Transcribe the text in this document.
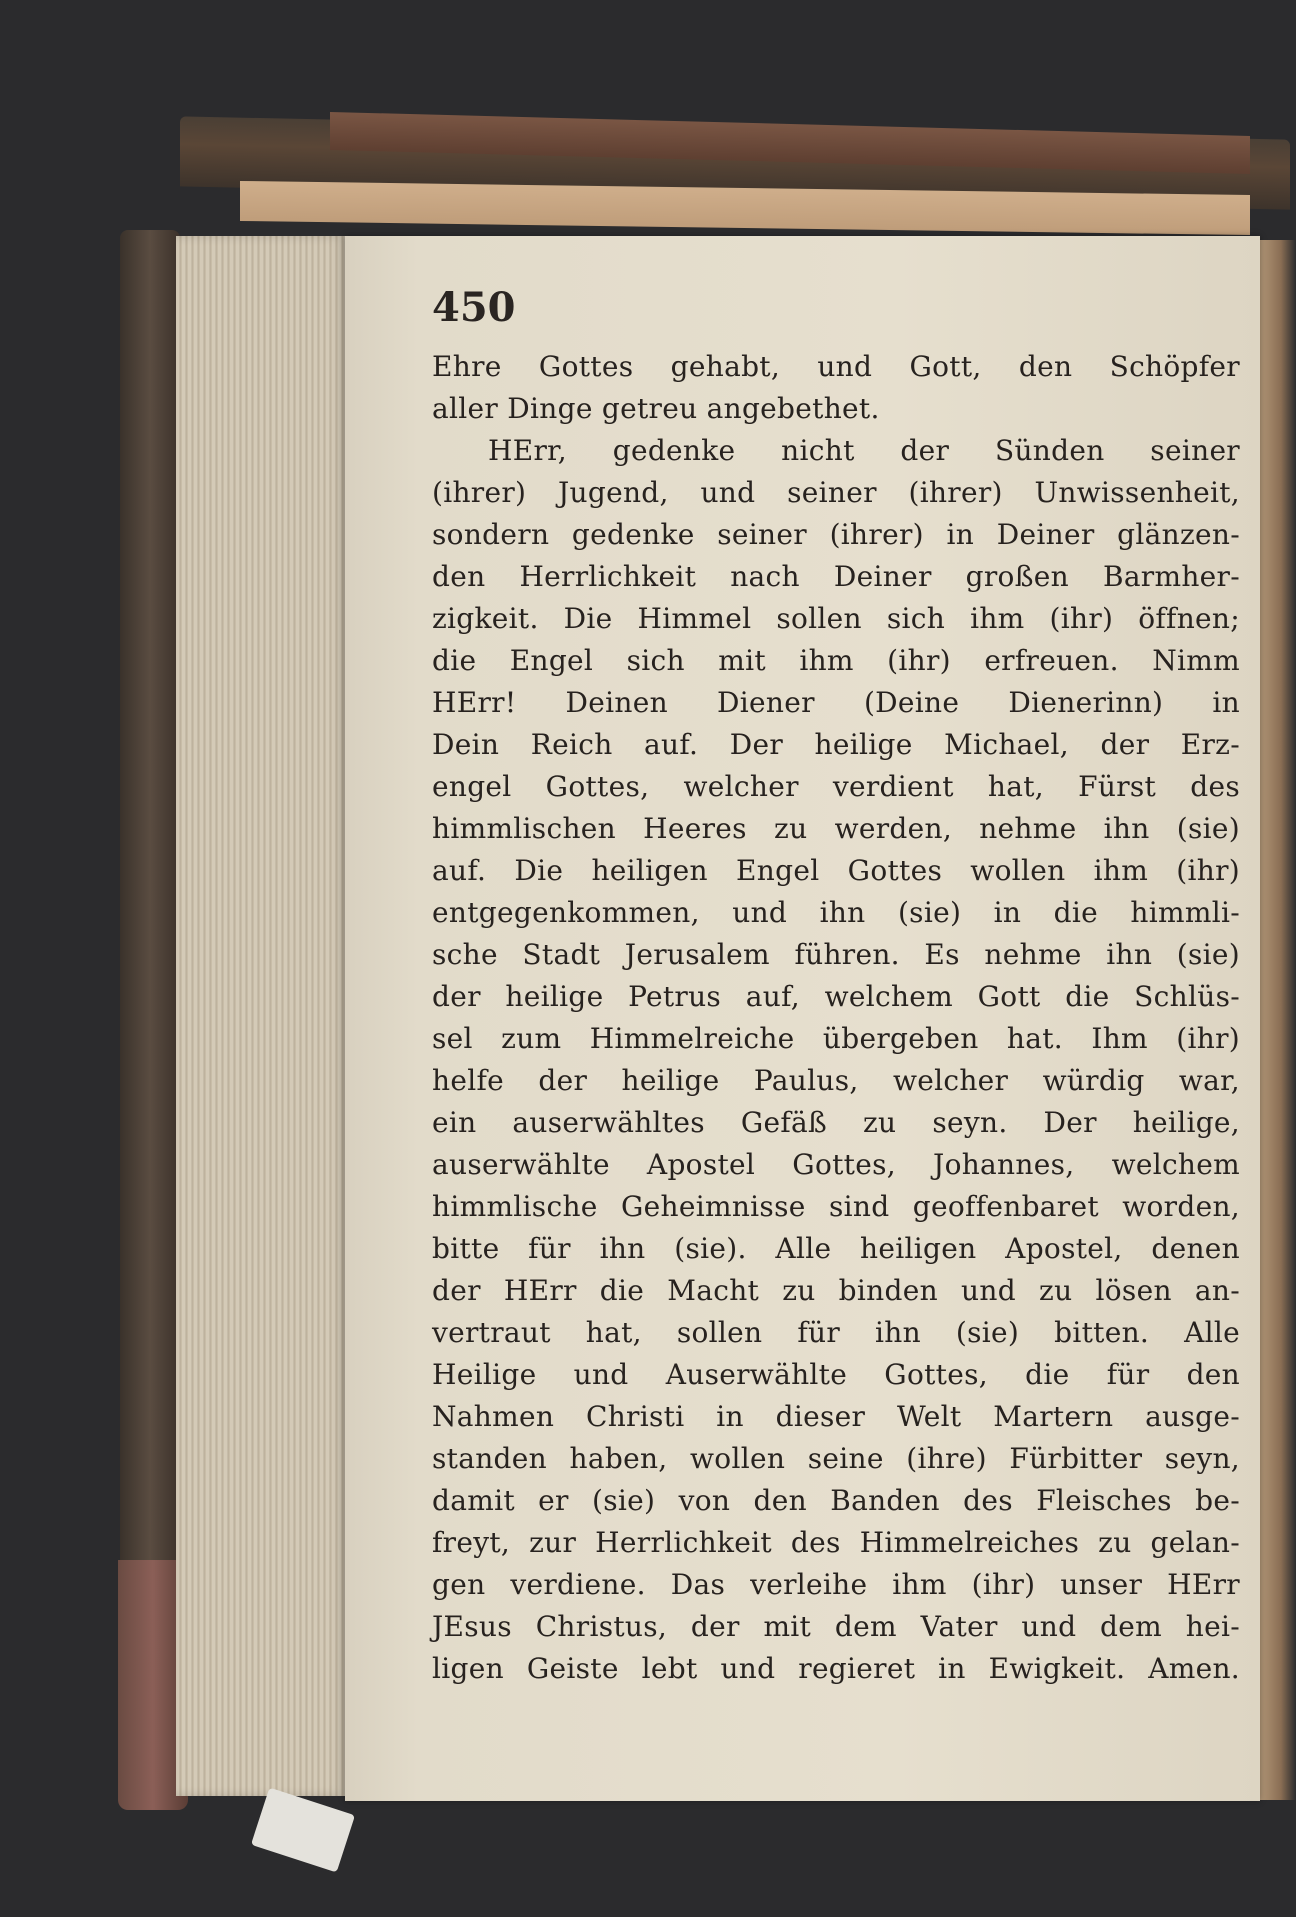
450

Ehre Gottes gehabt, und Gott, den Schöpfer
aller Dinge getreu angebethet.
HErr, gedenke nicht der Sünden seiner
(ihrer) Jugend, und seiner (ihrer) Unwissenheit,
sondern gedenke seiner (ihrer) in Deiner glänzen-
den Herrlichkeit nach Deiner großen Barmher-
zigkeit. Die Himmel sollen sich ihm (ihr) öffnen;
die Engel sich mit ihm (ihr) erfreuen. Nimm
HErr! Deinen Diener (Deine Dienerinn) in
Dein Reich auf. Der heilige Michael, der Erz-
engel Gottes, welcher verdient hat, Fürst des
himmlischen Heeres zu werden, nehme ihn (sie)
auf. Die heiligen Engel Gottes wollen ihm (ihr)
entgegenkommen, und ihn (sie) in die himmli-
sche Stadt Jerusalem führen. Es nehme ihn (sie)
der heilige Petrus auf, welchem Gott die Schlüs-
sel zum Himmelreiche übergeben hat. Ihm (ihr)
helfe der heilige Paulus, welcher würdig war,
ein auserwähltes Gefäß zu seyn. Der heilige,
auserwählte Apostel Gottes, Johannes, welchem
himmlische Geheimnisse sind geoffenbaret worden,
bitte für ihn (sie). Alle heiligen Apostel, denen
der HErr die Macht zu binden und zu lösen an-
vertraut hat, sollen für ihn (sie) bitten. Alle
Heilige und Auserwählte Gottes, die für den
Nahmen Christi in dieser Welt Martern ausge-
standen haben, wollen seine (ihre) Fürbitter seyn,
damit er (sie) von den Banden des Fleisches be-
freyt, zur Herrlichkeit des Himmelreiches zu gelan-
gen verdiene. Das verleihe ihm (ihr) unser HErr
JEsus Christus, der mit dem Vater und dem hei-
ligen Geiste lebt und regieret in Ewigkeit. Amen.
